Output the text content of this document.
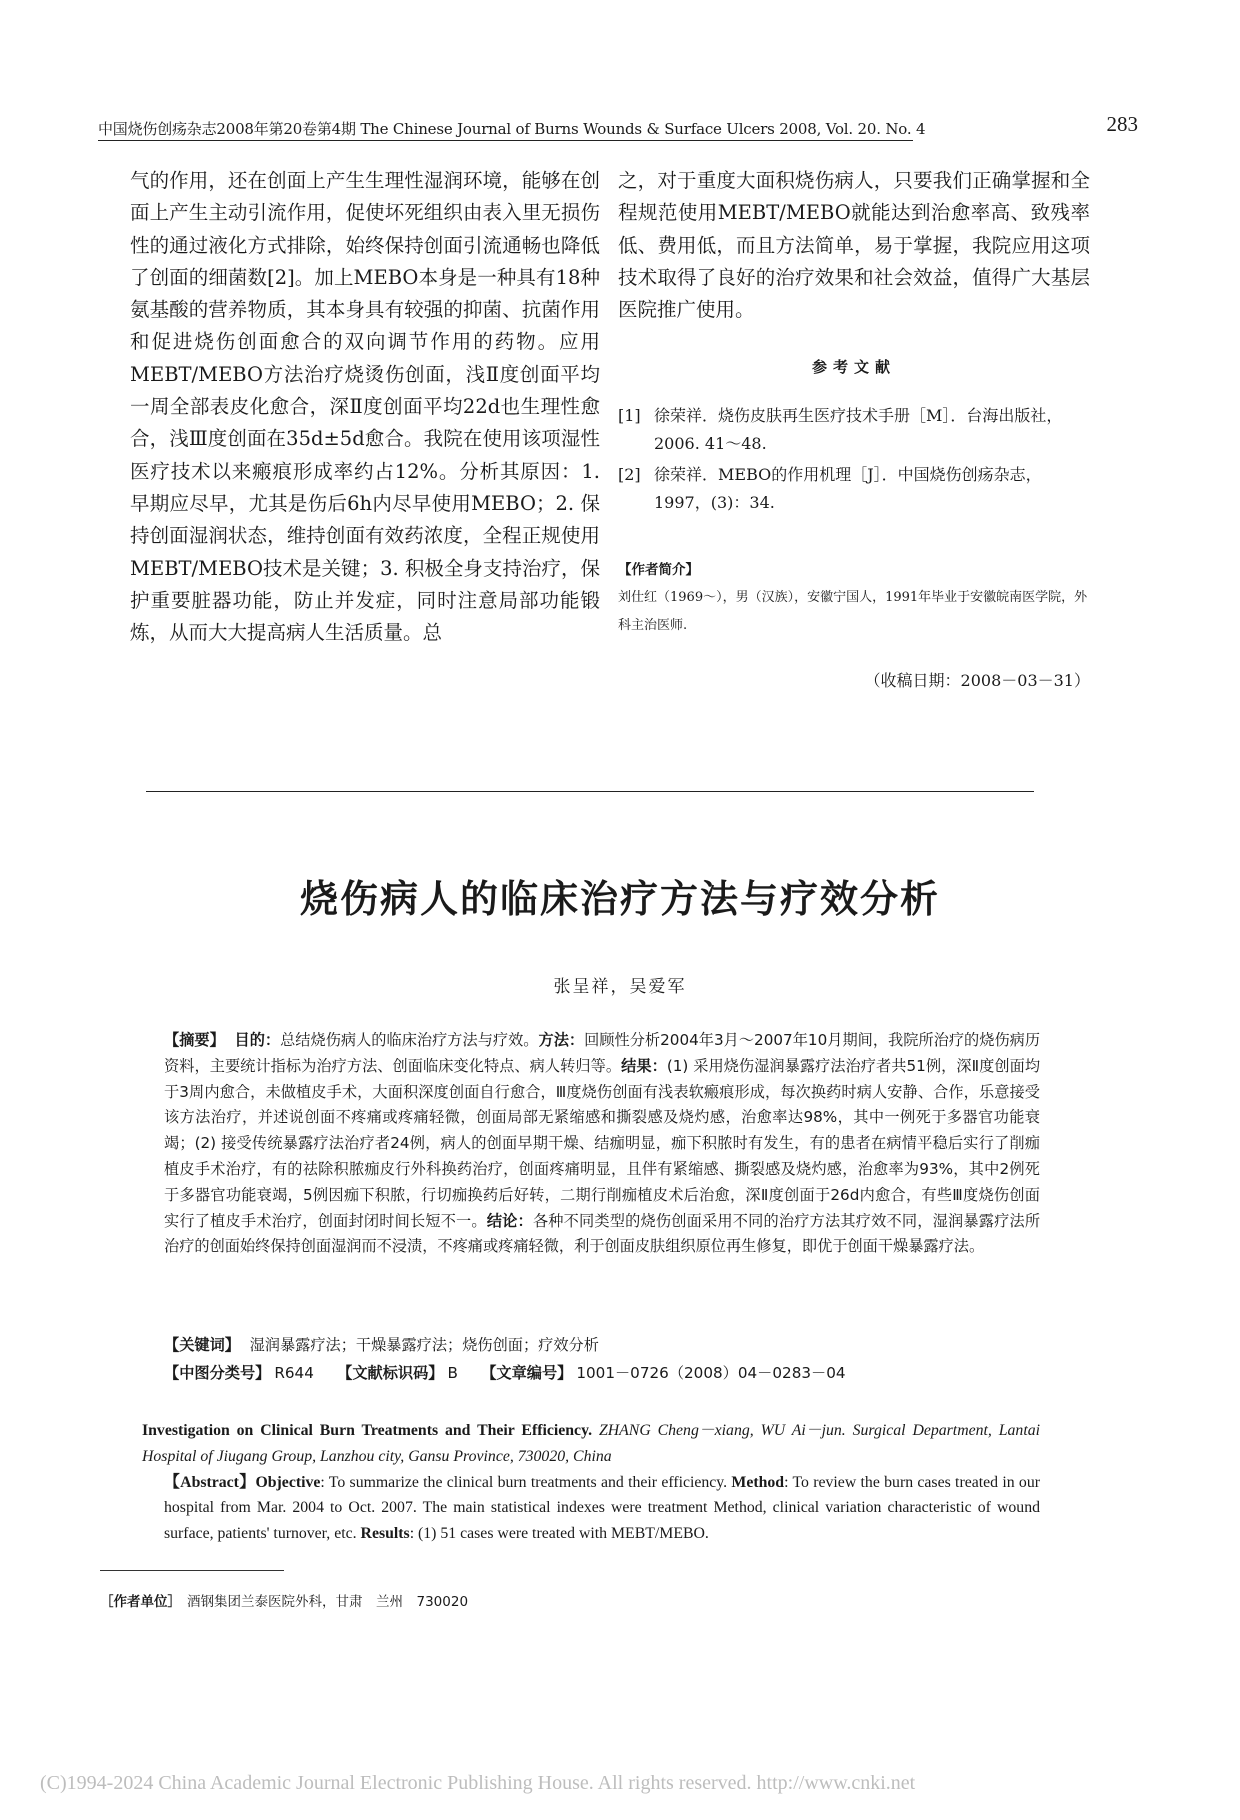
中国烧伤创疡杂志2008年第20卷第4期 The Chinese Journal of Burns Wounds & Surface Ulcers 2008, Vol. 20. No. 4	283

气的作用，还在创面上产生生理性湿润环境，能够在创面上产生主动引流作用，促使坏死组织由表入里无损伤性的通过液化方式排除，始终保持创面引流通畅也降低了创面的细菌数[2]。加上MEBO本身是一种具有18种氨基酸的营养物质，其本身具有较强的抑菌、抗菌作用和促进烧伤创面愈合的双向调节作用的药物。应用MEBT/MEBO方法治疗烧烫伤创面，浅Ⅱ度创面平均一周全部表皮化愈合，深Ⅱ度创面平均22d也生理性愈合，浅Ⅲ度创面在35d±5d愈合。我院在使用该项湿性医疗技术以来瘢痕形成率约占12%。分析其原因：1. 早期应尽早，尤其是伤后6h内尽早使用MEBO；2. 保持创面湿润状态，维持创面有效药浓度，全程正规使用MEBT/MEBO技术是关键；3. 积极全身支持治疗，保护重要脏器功能，防止并发症，同时注意局部功能锻炼，从而大大提高病人生活质量。总

之，对于重度大面积烧伤病人，只要我们正确掌握和全程规范使用MEBT/MEBO就能达到治愈率高、致残率低、费用低，而且方法简单，易于掌握，我院应用这项技术取得了良好的治疗效果和社会效益，值得广大基层医院推广使用。

参考文献
[1] 徐荣祥．烧伤皮肤再生医疗技术手册［M］．台海出版社，2006. 41～48.
[2] 徐荣祥．MEBO的作用机理［J］．中国烧伤创疡杂志，1997，(3)：34.
【作者简介】
刘仕红（1969～），男（汉族），安徽宁国人，1991年毕业于安徽皖南医学院，外科主治医师.
（收稿日期：2008－03－31）
烧伤病人的临床治疗方法与疗效分析
张呈祥，吴爱军

【摘要】 目的：总结烧伤病人的临床治疗方法与疗效。方法：回顾性分析2004年3月～2007年10月期间，我院所治疗的烧伤病历资料，主要统计指标为治疗方法、创面临床变化特点、病人转归等。结果：(1) 采用烧伤湿润暴露疗法治疗者共51例，深Ⅱ度创面均于3周内愈合，未做植皮手术，大面积深度创面自行愈合，Ⅲ度烧伤创面有浅表软瘢痕形成，每次换药时病人安静、合作，乐意接受该方法治疗，并述说创面不疼痛或疼痛轻微，创面局部无紧缩感和撕裂感及烧灼感，治愈率达98%，其中一例死于多器官功能衰竭；(2) 接受传统暴露疗法治疗者24例，病人的创面早期干燥、结痂明显，痂下积脓时有发生，有的患者在病情平稳后实行了削痂植皮手术治疗，有的祛除积脓痂皮行外科换药治疗，创面疼痛明显，且伴有紧缩感、撕裂感及烧灼感，治愈率为93%，其中2例死于多器官功能衰竭，5例因痂下积脓，行切痂换药后好转，二期行削痂植皮术后治愈，深Ⅱ度创面于26d内愈合，有些Ⅲ度烧伤创面实行了植皮手术治疗，创面封闭时间长短不一。结论：各种不同类型的烧伤创面采用不同的治疗方法其疗效不同，湿润暴露疗法所治疗的创面始终保持创面湿润而不浸渍，不疼痛或疼痛轻微，利于创面皮肤组织原位再生修复，即优于创面干燥暴露疗法。

【关键词】 湿润暴露疗法；干燥暴露疗法；烧伤创面；疗效分析
【中图分类号】 R644 【文献标识码】 B 【文章编号】 1001－0726（2008）04－0283－04

Investigation on Clinical Burn Treatments and Their Efficiency. ZHANG Cheng－xiang, WU Ai－jun. Surgical Department, Lantai Hospital of Jiugang Group, Lanzhou city, Gansu Province, 730020, China

【Abstract】Objective: To summarize the clinical burn treatments and their efficiency. Method: To review the burn cases treated in our hospital from Mar. 2004 to Oct. 2007. The main statistical indexes were treatment Method, clinical variation characteristic of wound surface, patients' turnover, etc. Results: (1) 51 cases were treated with MEBT/MEBO.

［作者单位］ 酒钢集团兰泰医院外科，甘肃　兰州　730020
(C)1994-2024 China Academic Journal Electronic Publishing House. All rights reserved. http://www.cnki.net
